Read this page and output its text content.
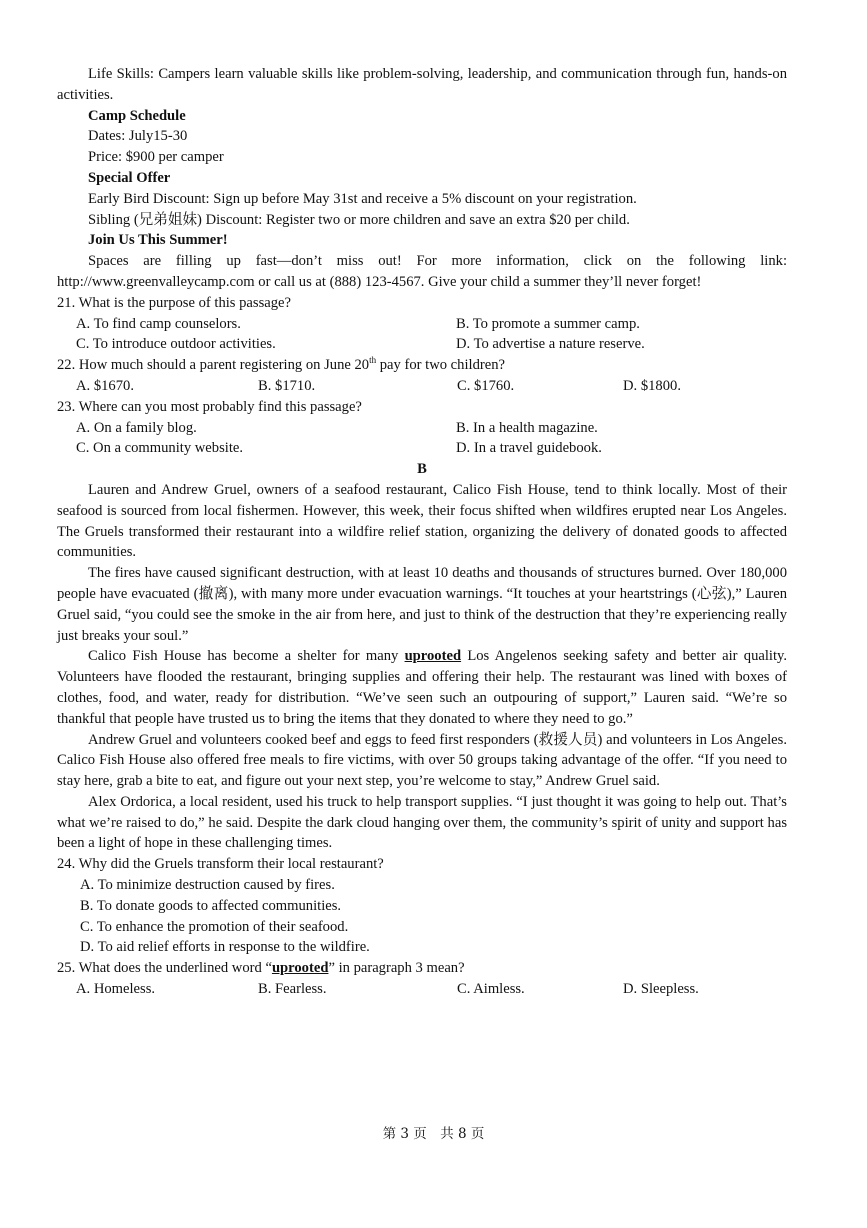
Life Skills: Campers learn valuable skills like problem-solving, leadership, and communication through fun, hands-on activities.

Camp Schedule

Dates: July15-30

Price: $900 per camper

Special Offer

Early Bird Discount: Sign up before May 31st and receive a 5% discount on your registration.

Sibling (兄弟姐妹) Discount: Register two or more children and save an extra $20 per child.

Join Us This Summer!

Spaces are filling up fast—don’t miss out! For more information, click on the following link: http://www.greenvalleycamp.com or call us at (888) 123-4567. Give your child a summer they’ll never forget!

21. What is the purpose of this passage?

A. To find camp counselors.	B. To promote a summer camp.
C. To introduce outdoor activities.	D. To advertise a nature reserve.

22. How much should a parent registering on June 20th pay for two children?

A. $1670.	B. $1710.	C. $1760.	D. $1800.

23. Where can you most probably find this passage?

A. On a family blog.	B. In a health magazine.
C. On a community website.	D. In a travel guidebook.

B

Lauren and Andrew Gruel, owners of a seafood restaurant, Calico Fish House, tend to think locally. Most of their seafood is sourced from local fishermen. However, this week, their focus shifted when wildfires erupted near Los Angeles. The Gruels transformed their restaurant into a wildfire relief station, organizing the delivery of donated goods to affected communities.

The fires have caused significant destruction, with at least 10 deaths and thousands of structures burned. Over 180,000 people have evacuated (撤离), with many more under evacuation warnings. “It touches at your heartstrings (心弦),” Lauren Gruel said, “you could see the smoke in the air from here, and just to think of the destruction that they’re experiencing really just breaks your soul.”

Calico Fish House has become a shelter for many uprooted Los Angelenos seeking safety and better air quality. Volunteers have flooded the restaurant, bringing supplies and offering their help. The restaurant was lined with boxes of clothes, food, and water, ready for distribution. “We’ve seen such an outpouring of support,” Lauren said. “We’re so thankful that people have trusted us to bring the items that they donated to where they need to go.”

Andrew Gruel and volunteers cooked beef and eggs to feed first responders (救援人员) and volunteers in Los Angeles. Calico Fish House also offered free meals to fire victims, with over 50 groups taking advantage of the offer. “If you need to stay here, grab a bite to eat, and figure out your next step, you’re welcome to stay,” Andrew Gruel said.

Alex Ordorica, a local resident, used his truck to help transport supplies. “I just thought it was going to help out. That’s what we’re raised to do,” he said. Despite the dark cloud hanging over them, the community’s spirit of unity and support has been a light of hope in these challenging times.

24. Why did the Gruels transform their local restaurant?

A. To minimize destruction caused by fires.
B. To donate goods to affected communities.
C. To enhance the promotion of their seafood.
D. To aid relief efforts in response to the wildfire.

25. What does the underlined word “uprooted” in paragraph 3 mean?

A. Homeless.	B. Fearless.	C. Aimless.	D. Sleepless.
第 3 页　共 8 页
